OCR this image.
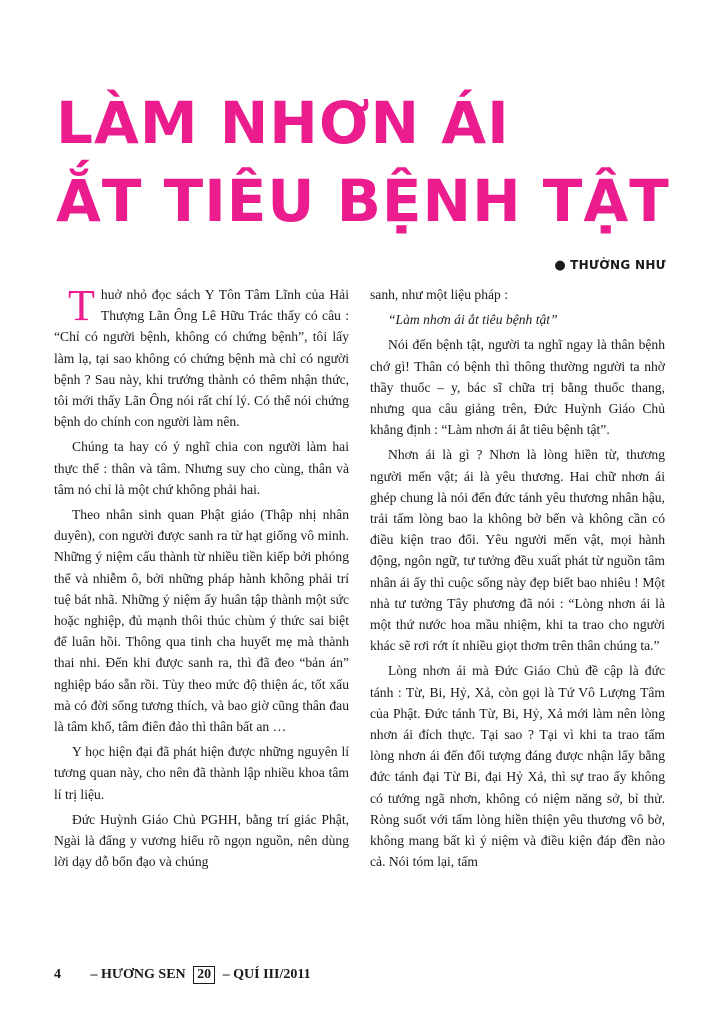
LÀM NHƠN ÁI
ẮT TIÊU BỆNH TẬT
● THƯỜNG NHƯ

Thuở nhỏ đọc sách Y Tôn Tâm Lĩnh của Hải Thượng Lãn Ông Lê Hữu Trác thấy có câu : “Chỉ có người bệnh, không có chứng bệnh”, tôi lấy làm lạ, tại sao không có chứng bệnh mà chỉ có người bệnh ? Sau này, khi trưởng thành có thêm nhận thức, tôi mới thấy Lãn Ông nói rất chí lý. Có thể nói chứng bệnh do chính con người làm nên.

Chúng ta hay có ý nghĩ chia con người làm hai thực thể : thân và tâm. Nhưng suy cho cùng, thân và tâm nó chỉ là một chứ không phải hai.

Theo nhân sinh quan Phật giáo (Thập nhị nhân duyên), con người được sanh ra từ hạt giống vô minh. Những ý niệm cấu thành từ nhiều tiền kiếp bởi phóng thể và nhiễm ô, bởi những pháp hành không phải trí tuệ bát nhã. Những ý niệm ấy huân tập thành một sức hoặc nghiệp, đủ mạnh thôi thúc chùm ý thức sai biệt để luân hồi. Thông qua tinh cha huyết mẹ mà thành thai nhi. Đến khi được sanh ra, thì đã đeo “bản án” nghiệp báo sẵn rồi. Tùy theo mức độ thiện ác, tốt xấu mà có đời sống tương thích, và bao giờ cũng thân đau là tâm khổ, tâm điên đảo thì thân bất an …

Y học hiện đại đã phát hiện được những nguyên lí tương quan này, cho nên đã thành lập nhiều khoa tâm lí trị liệu.

Đức Huỳnh Giáo Chủ PGHH, bằng trí giác Phật, Ngài là đấng y vương hiểu rõ ngọn nguồn, nên dùng lời dạy dỗ bổn đạo và chúng

sanh, như một liệu pháp :

“Làm nhơn ái ắt tiêu bệnh tật”

Nói đến bệnh tật, người ta nghĩ ngay là thân bệnh chớ gì! Thân có bệnh thì thông thường người ta nhờ thầy thuốc – y, bác sĩ chữa trị bằng thuốc thang, nhưng qua câu giảng trên, Đức Huỳnh Giáo Chủ khẳng định : “Làm nhơn ái ắt tiêu bệnh tật”.

Nhơn ái là gì ? Nhơn là lòng hiền từ, thương người mến vật; ái là yêu thương. Hai chữ nhơn ái ghép chung là nói đến đức tánh yêu thương nhân hậu, trải tấm lòng bao la không bờ bến và không cần có điều kiện trao đổi. Yêu người mến vật, mọi hành động, ngôn ngữ, tư tưởng đều xuất phát từ nguồn tâm nhân ái ấy thì cuộc sống này đẹp biết bao nhiêu ! Một nhà tư tưởng Tây phương đã nói : “Lòng nhơn ái là một thứ nước hoa mầu nhiệm, khi ta trao cho người khác sẽ rơi rớt ít nhiều giọt thơm trên thân chúng ta.”

Lòng nhơn ái mà Đức Giáo Chủ đề cập là đức tánh : Từ, Bi, Hỷ, Xả, còn gọi là Tứ Vô Lượng Tâm của Phật. Đức tánh Từ, Bi, Hỷ, Xả mới làm nên lòng nhơn ái đích thực. Tại sao ? Tại vì khi ta trao tấm lòng nhơn ái đến đối tượng đáng được nhận lấy bằng đức tánh đại Từ Bi, đại Hỷ Xả, thì sự trao ấy không có tướng ngã nhơn, không có niệm năng sở, bỉ thử. Ròng suốt với tấm lòng hiền thiện yêu thương vô bờ, không mang bất kì ý niệm và điều kiện đáp đền nào cả. Nói tóm lại, tấm

4 – HƯƠNG SEN 20 – QUÍ III/2011
